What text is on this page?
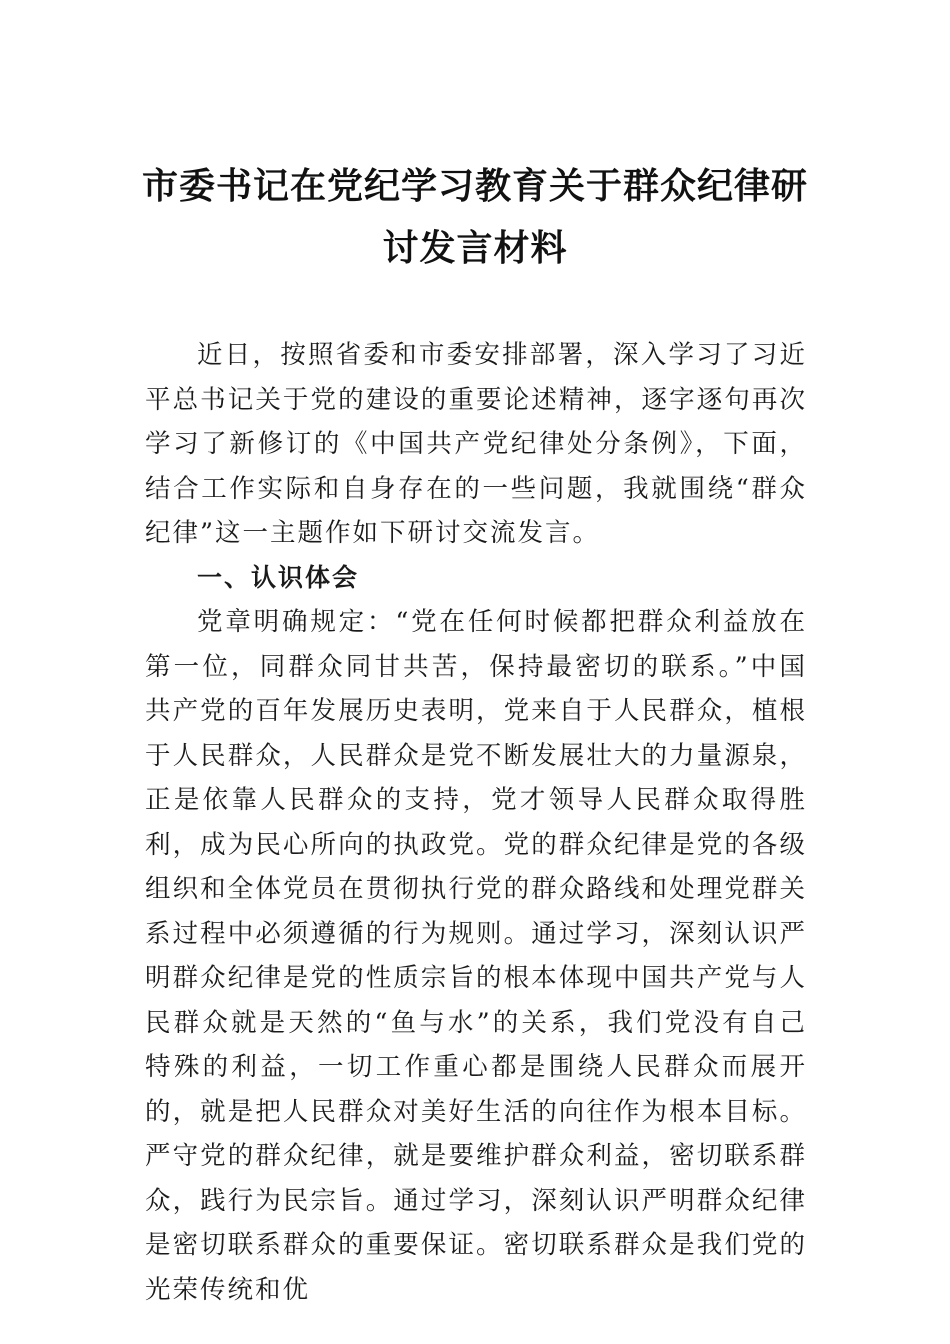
市委书记在党纪学习教育关于群众纪律研讨发言材料

近日，按照省委和市委安排部署，深入学习了习近平总书记关于党的建设的重要论述精神，逐字逐句再次学习了新修订的《中国共产党纪律处分条例》，下面，结合工作实际和自身存在的一些问题，我就围绕“群众纪律”这一主题作如下研讨交流发言。

一、认识体会

党章明确规定：“党在任何时候都把群众利益放在第一位，同群众同甘共苦，保持最密切的联系。”中国共产党的百年发展历史表明，党来自于人民群众，植根于人民群众，人民群众是党不断发展壮大的力量源泉，正是依靠人民群众的支持，党才领导人民群众取得胜利，成为民心所向的执政党。党的群众纪律是党的各级组织和全体党员在贯彻执行党的群众路线和处理党群关系过程中必须遵循的行为规则。通过学习，深刻认识严明群众纪律是党的性质宗旨的根本体现中国共产党与人民群众就是天然的“鱼与水”的关系，我们党没有自己特殊的利益，一切工作重心都是围绕人民群众而展开的，就是把人民群众对美好生活的向往作为根本目标。严守党的群众纪律，就是要维护群众利益，密切联系群众，践行为民宗旨。通过学习，深刻认识严明群众纪律是密切联系群众的重要保证。密切联系群众是我们党的光荣传统和优
